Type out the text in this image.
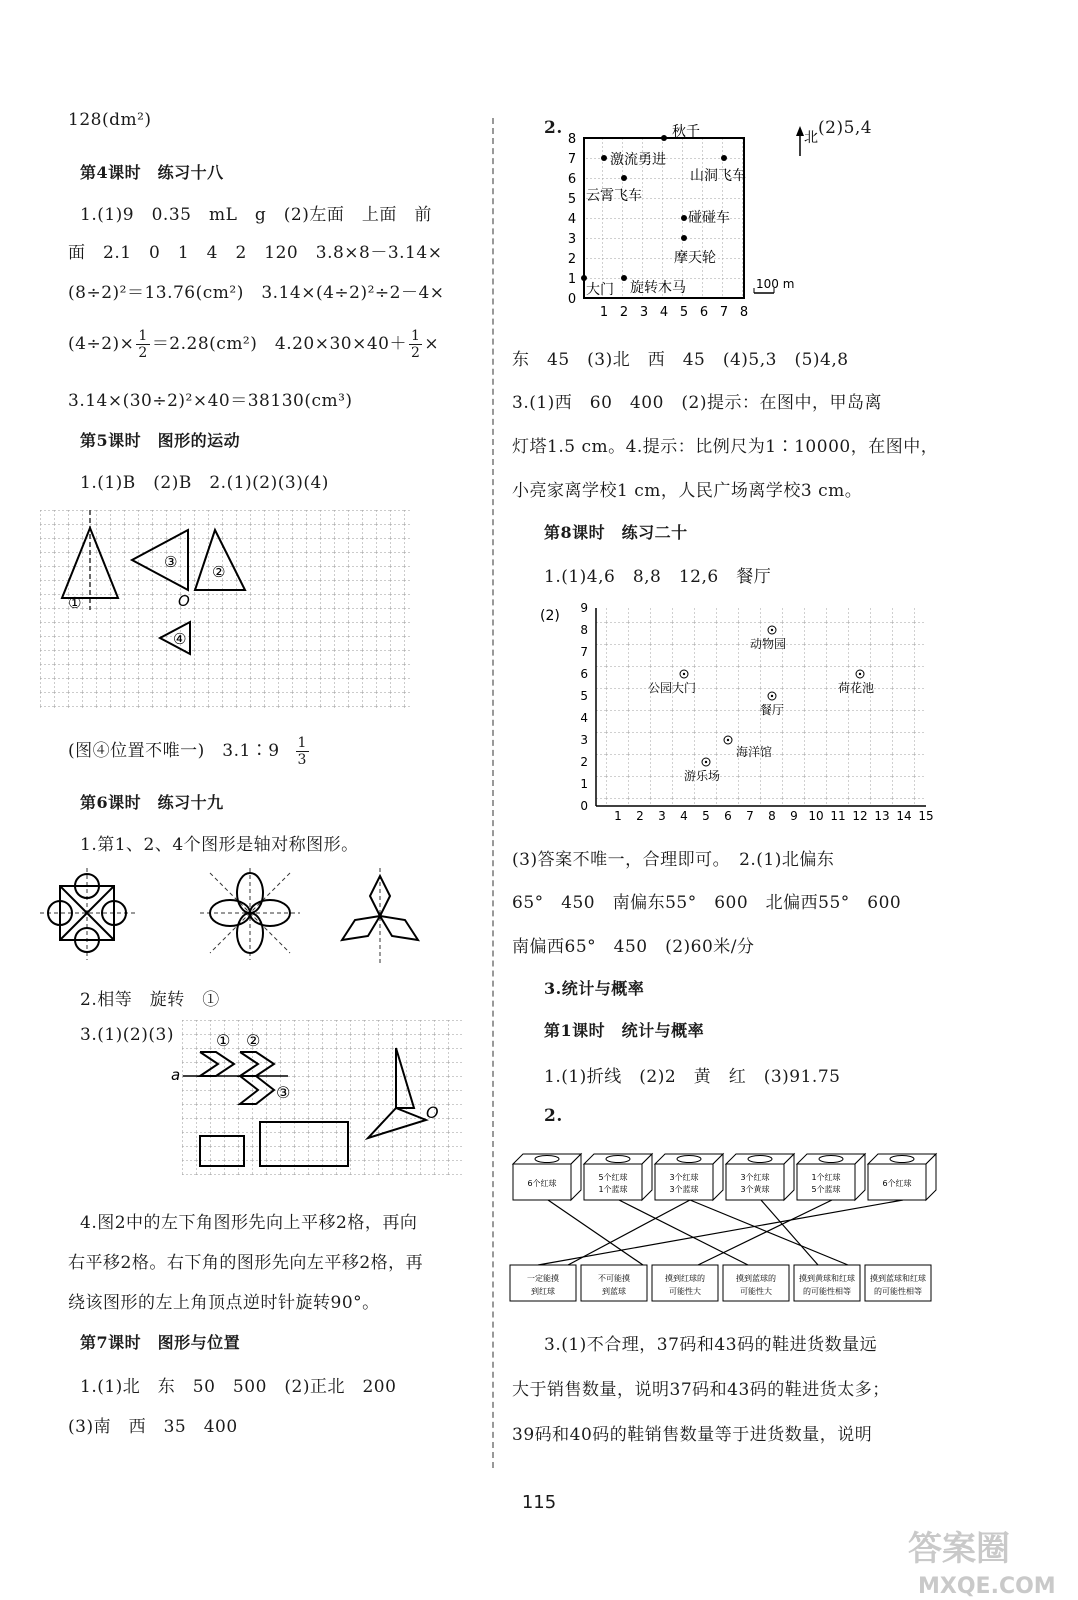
128(dm²)
第4课时　练习十八
1.(1)9　0.35　mL　g　(2)左面　上面　前
面　2.1　0　1　4　2　120　3.8×8－3.14×
(8÷2)²＝13.76(cm²)　3.14×(4÷2)²÷2－4×
$(4\div 2)\times \frac{1}{2} =2.28(cm^2)$　$4.20\times 30\times 40+ \frac{1}{2}$ ×
3.14×(30÷2)²×40＝38130(cm³)
第5课时　图形的运动
1.(1)B　(2)B　2.(1)(2)(3)(4)
①
③
②
④
O
(图④位置不唯一)　3.1∶9 $\frac{1}{3}$
第6课时　练习十九
1.第1、2、4个图形是轴对称图形。
2.相等　旋转　①
3.(1)(2)(3)	① ②
③
a
O
4.图2中的左下角图形先向上平移2格，再向
右平移2格。右下角的图形先向左平移2格，再
绕该图形的左上角顶点逆时针旋转90°。
第7课时　图形与位置
1.(1)北　东　50　500　(2)正北　200
(3)南　西　35　400
2.	(2)5,4
8
7
6
5
4
3
2
1
0
1 2 3 4 5 6 7 8
北
100 m
秋千
激流勇进
山洞飞车
云霄飞车
碰碰车
摩天轮
大门 旋转木马
东　45　(3)北　西　45　(4)5,3　(5)4,8
3.(1)西　60　400　(2)提示：在图中，甲岛离
灯塔1.5 cm。4.提示：比例尺为1∶10000，在图中，
小亮家离学校1 cm，人民广场离学校3 cm。
第8课时　练习二十
1.(1)4,6　8,8　12,6　餐厅
(2) 9
8
7
6
5
4
3
2
1
0
1 2 3 4 5 6 7 8 9 10 11 12 13 14 15
动物园
公园大门	荷花池
餐厅
海洋馆
游乐场
(3)答案不唯一，合理即可。　2.(1)北偏东
65°　450　南偏东55°　600　北偏西55°　600
南偏西65°　450　(2)60米/分
3.统计与概率
第1课时　统计与概率
1.(1)折线　(2)2　黄　红　(3)91.75
2.
6个红球
5个红球
1个蓝球
3个红球
3个蓝球
3个红球
3个黄球
1个红球
5个蓝球
6个红球
一定能摸
到红球
不可能摸
到蓝球
摸到红球的
可能性大
摸到蓝球的
可能性大
摸到黄球和红球
的可能性相等
摸到蓝球和红球
的可能性相等
3.(1)不合理，37码和43码的鞋进货数量远
大于销售数量，说明37码和43码的鞋进货太多；
39码和40码的鞋销售数量等于进货数量，说明
115
答案圈
MXQE.COM
